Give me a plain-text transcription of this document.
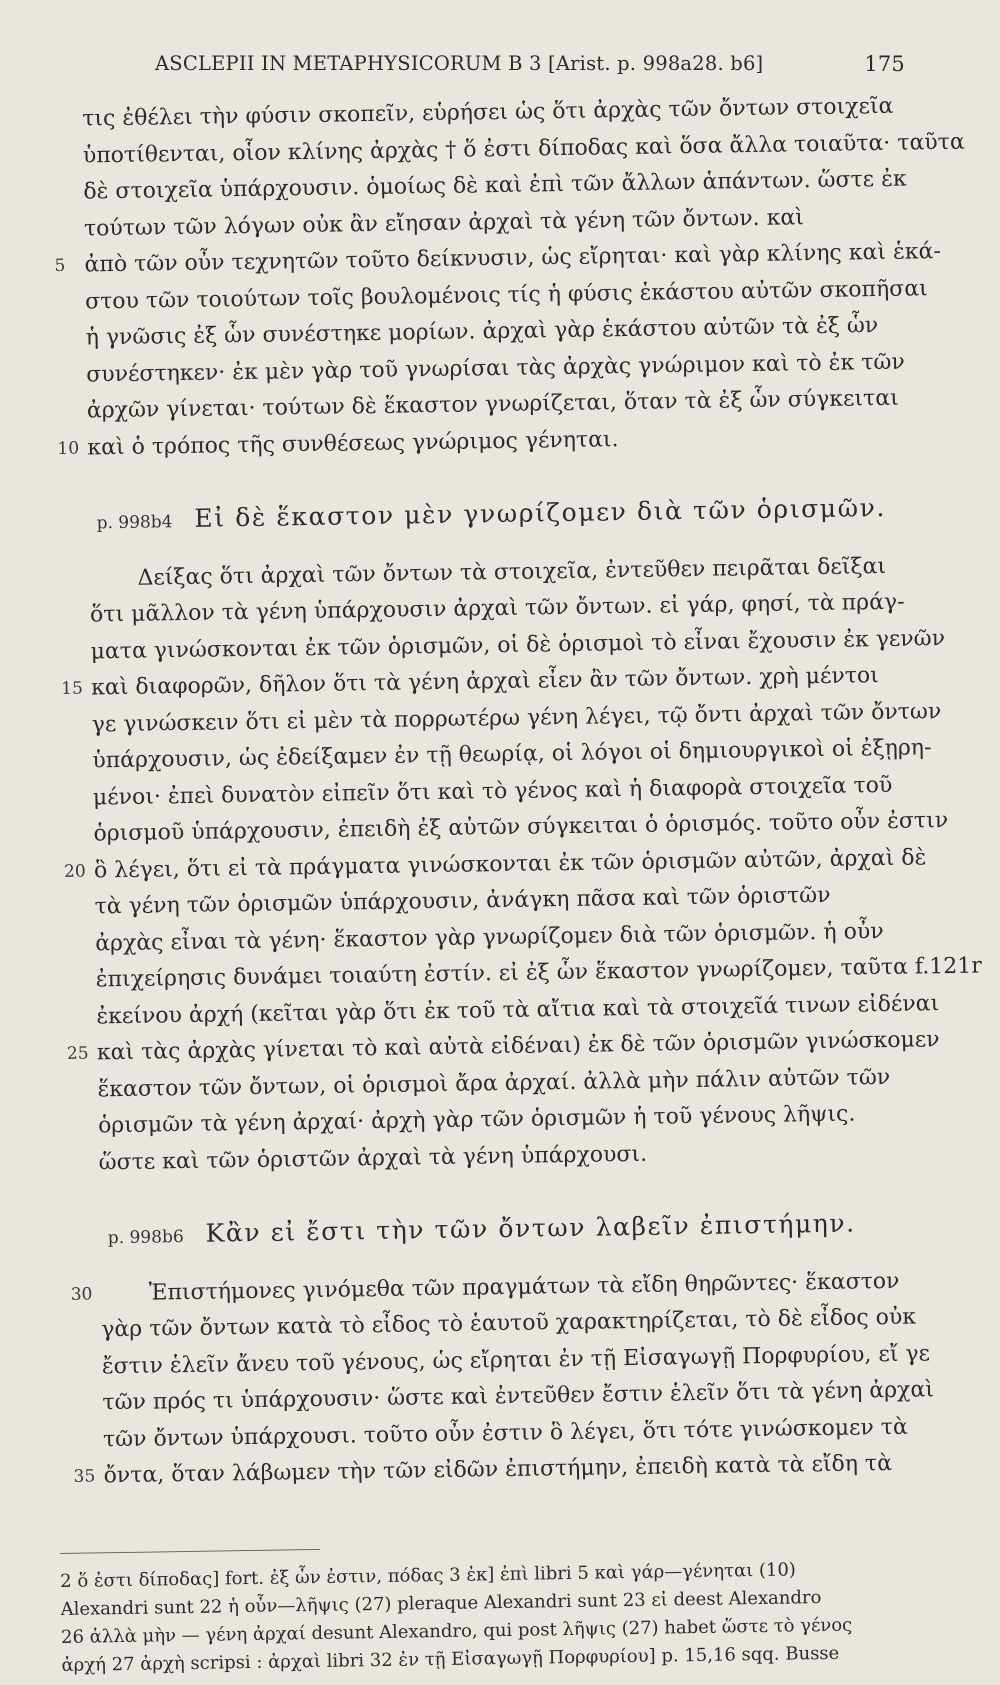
ASCLEPII IN METAPHYSICORUM B 3 [Arist. p. 998a28. b6]	175
τις ἐθέλει τὴν φύσιν σκοπεῖν, εὑρήσει ὡς ὅτι ἀρχὰς τῶν ὄντων στοιχεῖα
ὑποτίθενται, οἷον κλίνης ἀρχὰς † ὅ ἐστι δίποδας καὶ ὅσα ἄλλα τοιαῦτα· ταῦτα
δὲ στοιχεῖα ὑπάρχουσιν. ὁμοίως δὲ καὶ ἐπὶ τῶν ἄλλων ἁπάντων. ὥστε ἐκ
τούτων τῶν λόγων οὐκ ἂν εἴησαν ἀρχαὶ τὰ γένη τῶν ὄντων. καὶ
5 ἀπὸ τῶν οὖν τεχνητῶν τοῦτο δείκνυσιν, ὡς εἴρηται· καὶ γὰρ κλίνης καὶ ἑκά-
στου τῶν τοιούτων τοῖς βουλομένοις τίς ἡ φύσις ἑκάστου αὐτῶν σκοπῆσαι
ἡ γνῶσις ἐξ ὧν συνέστηκε μορίων. ἀρχαὶ γὰρ ἑκάστου αὐτῶν τὰ ἐξ ὧν
συνέστηκεν· ἐκ μὲν γὰρ τοῦ γνωρίσαι τὰς ἀρχὰς γνώριμον καὶ τὸ ἐκ τῶν
ἀρχῶν γίνεται· τούτων δὲ ἕκαστον γνωρίζεται, ὅταν τὰ ἐξ ὧν σύγκειται
10 καὶ ὁ τρόπος τῆς συνθέσεως γνώριμος γένηται.
p. 998b4 Εἰ δὲ ἕκαστον μὲν γνωρίζομεν διὰ τῶν ὁρισμῶν.
Δείξας ὅτι ἀρχαὶ τῶν ὄντων τὰ στοιχεῖα, ἐντεῦθεν πειρᾶται δεῖξαι
ὅτι μᾶλλον τὰ γένη ὑπάρχουσιν ἀρχαὶ τῶν ὄντων. εἰ γάρ, φησί, τὰ πράγ-
ματα γινώσκονται ἐκ τῶν ὁρισμῶν, οἱ δὲ ὁρισμοὶ τὸ εἶναι ἔχουσιν ἐκ γενῶν
15 καὶ διαφορῶν, δῆλον ὅτι τὰ γένη ἀρχαὶ εἶεν ἂν τῶν ὄντων. χρὴ μέντοι
γε γινώσκειν ὅτι εἰ μὲν τὰ πορρωτέρω γένη λέγει, τῷ ὄντι ἀρχαὶ τῶν ὄντων
ὑπάρχουσιν, ὡς ἐδείξαμεν ἐν τῇ θεωρίᾳ, οἱ λόγοι οἱ δημιουργικοὶ οἱ ἐξῃρη-
μένοι· ἐπεὶ δυνατὸν εἰπεῖν ὅτι καὶ τὸ γένος καὶ ἡ διαφορὰ στοιχεῖα τοῦ
ὁρισμοῦ ὑπάρχουσιν, ἐπειδὴ ἐξ αὐτῶν σύγκειται ὁ ὁρισμός. τοῦτο οὖν ἐστιν
20 ὃ λέγει, ὅτι εἰ τὰ πράγματα γινώσκονται ἐκ τῶν ὁρισμῶν αὐτῶν, ἀρχαὶ δὲ
τὰ γένη τῶν ὁρισμῶν ὑπάρχουσιν, ἀνάγκη πᾶσα καὶ τῶν ὁριστῶν
ἀρχὰς εἶναι τὰ γένη· ἕκαστον γὰρ γνωρίζομεν διὰ τῶν ὁρισμῶν. ἡ οὖν
ἐπιχείρησις δυνάμει τοιαύτη ἐστίν. εἰ ἐξ ὧν ἕκαστον γνωρίζομεν, ταῦτα f.121r
ἐκείνου ἀρχή (κεῖται γὰρ ὅτι ἐκ τοῦ τὰ αἴτια καὶ τὰ στοιχεῖά τινων εἰδέναι
25 καὶ τὰς ἀρχὰς γίνεται τὸ καὶ αὐτὰ εἰδέναι) ἐκ δὲ τῶν ὁρισμῶν γινώσκομεν
ἕκαστον τῶν ὄντων, οἱ ὁρισμοὶ ἄρα ἀρχαί. ἀλλὰ μὴν πάλιν αὐτῶν τῶν
ὁρισμῶν τὰ γένη ἀρχαί· ἀρχὴ γὰρ τῶν ὁρισμῶν ἡ τοῦ γένους λῆψις.
ὥστε καὶ τῶν ὁριστῶν ἀρχαὶ τὰ γένη ὑπάρχουσι.
p. 998b6 Κἂν εἰ ἔστι τὴν τῶν ὄντων λαβεῖν ἐπιστήμην.
30	Ἐπιστήμονες γινόμεθα τῶν πραγμάτων τὰ εἴδη θηρῶντες· ἕκαστον
γὰρ τῶν ὄντων κατὰ τὸ εἶδος τὸ ἑαυτοῦ χαρακτηρίζεται, τὸ δὲ εἶδος οὐκ
ἔστιν ἑλεῖν ἄνευ τοῦ γένους, ὡς εἴρηται ἐν τῇ Εἰσαγωγῇ Πορφυρίου, εἴ γε
τῶν πρός τι ὑπάρχουσιν· ὥστε καὶ ἐντεῦθεν ἔστιν ἑλεῖν ὅτι τὰ γένη ἀρχαὶ
τῶν ὄντων ὑπάρχουσι. τοῦτο οὖν ἐστιν ὃ λέγει, ὅτι τότε γινώσκομεν τὰ
35 ὄντα, ὅταν λάβωμεν τὴν τῶν εἰδῶν ἐπιστήμην, ἐπειδὴ κατὰ τὰ εἴδη τὰ
2 ὅ ἐστι δίποδας] fort. ἐξ ὧν ἐστιν, πόδας 3 ἐκ] ἐπὶ libri 5 καὶ γάρ—γένηται (10)
Alexandri sunt 22 ἡ οὖν—λῆψις (27) pleraque Alexandri sunt 23 εἰ deest Alexandro
26 ἀλλὰ μὴν — γένη ἀρχαί desunt Alexandro, qui post λῆψις (27) habet ὥστε τὸ γένος
ἀρχή 27 ἀρχὴ scripsi : ἀρχαὶ libri 32 ἐν τῇ Εἰσαγωγῇ Πορφυρίου] p. 15,16 sqq. Busse
